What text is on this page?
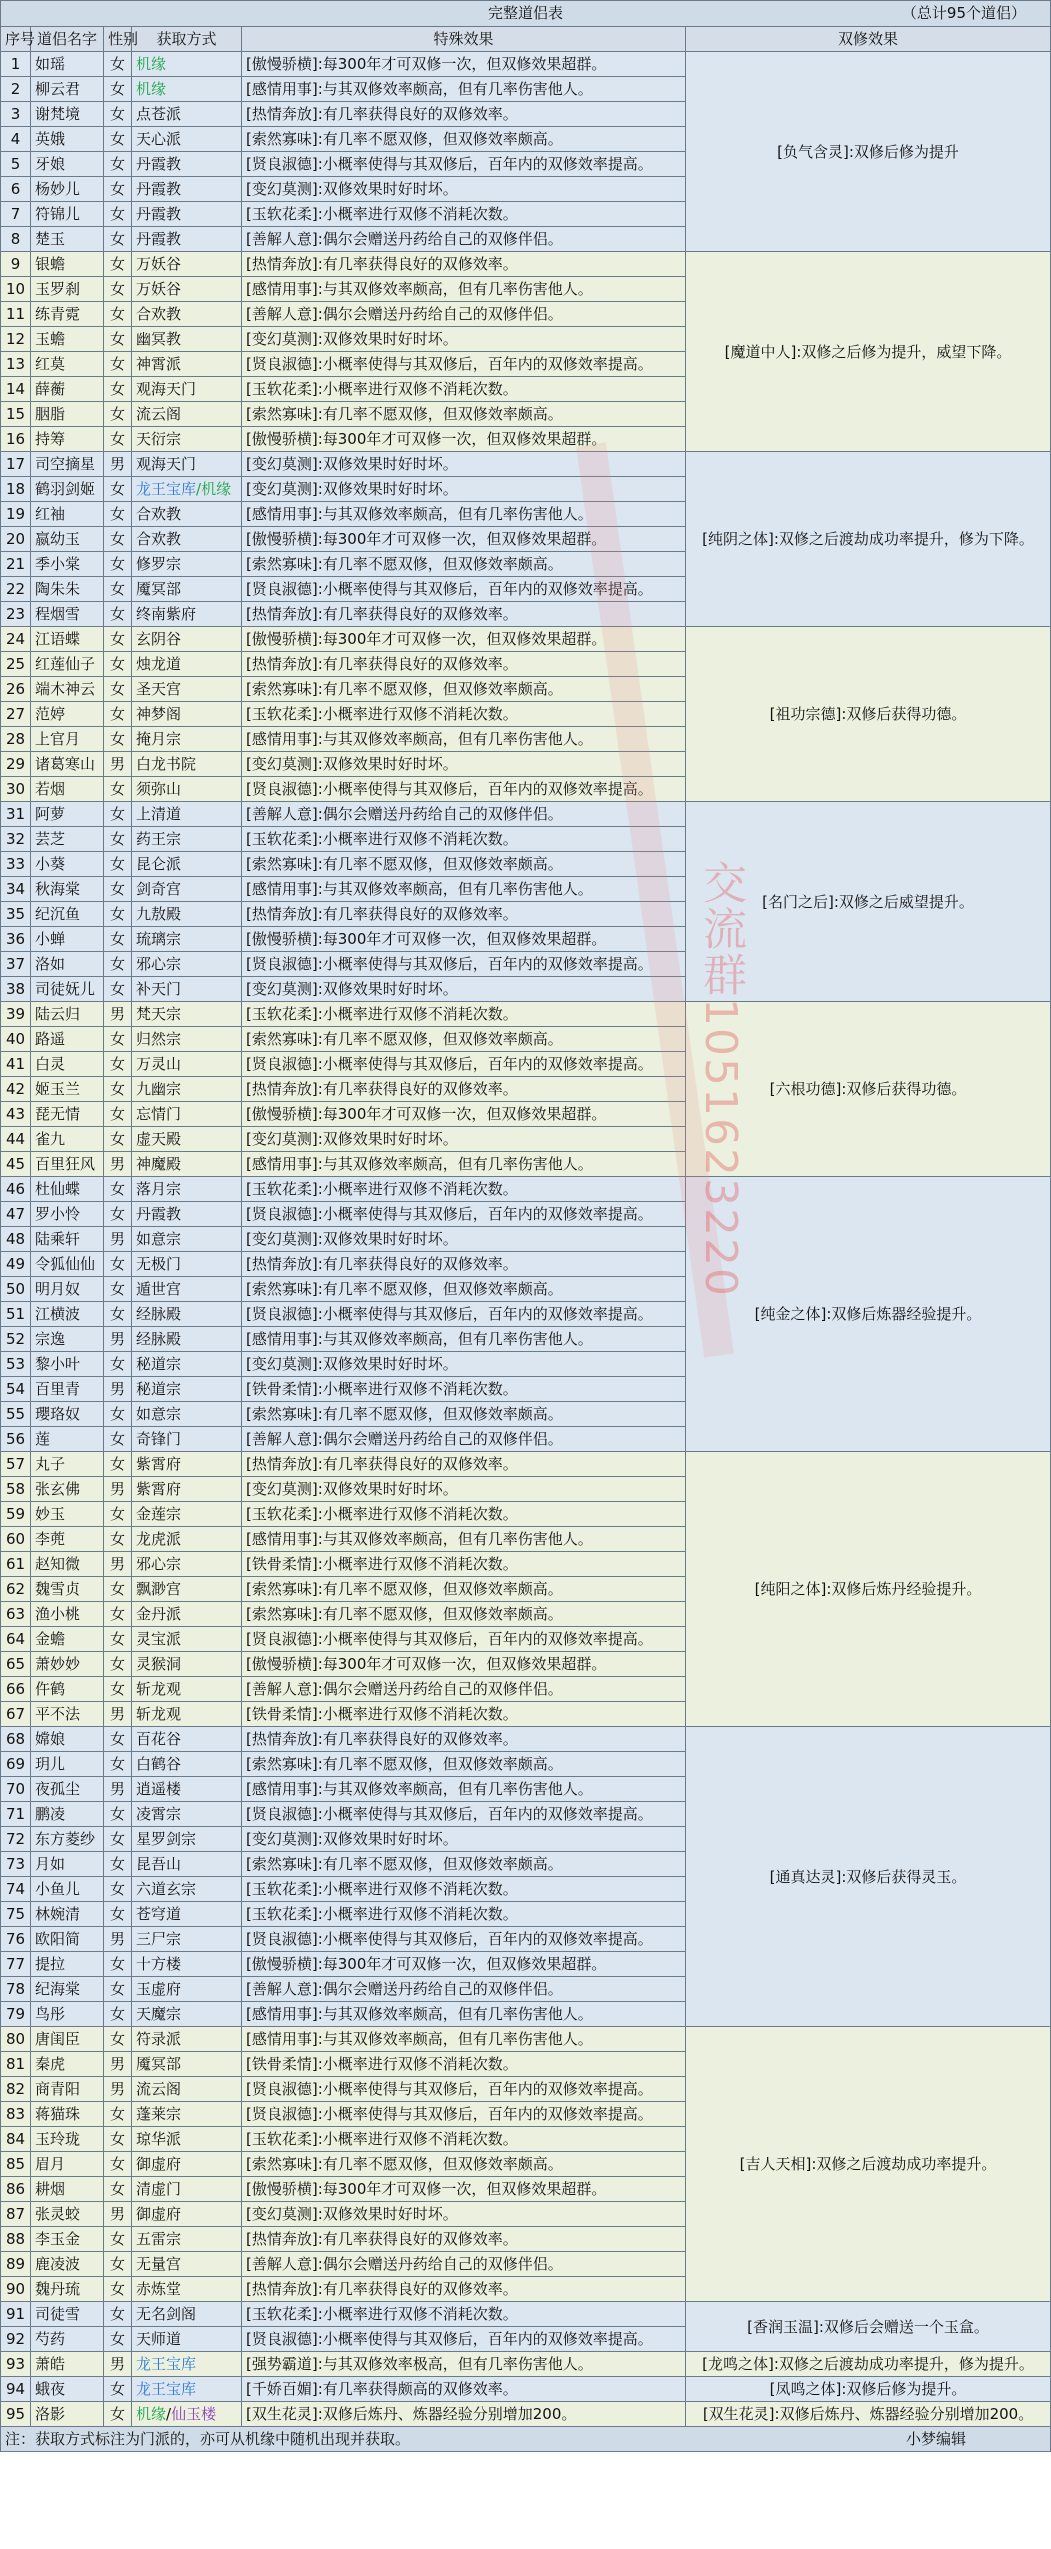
完整道侣表 （总计95个道侣）					

序号	道侣名字	性别	获取方式	特殊效果	双修效果
1	如瑶	女	机缘	[傲慢骄横]:每300年才可双修一次，但双修效果超群。	[负气含灵]:双修后修为提升
2	柳云君	女	机缘	[感情用事]:与其双修效率颇高，但有几率伤害他人。	
3	谢梵境	女	点苍派	[热情奔放]:有几率获得良好的双修效率。	
4	英娥	女	天心派	[索然寡味]:有几率不愿双修，但双修效率颇高。	
5	牙娘	女	丹霞教	[贤良淑德]:小概率使得与其双修后，百年内的双修效率提高。	
6	杨妙儿	女	丹霞教	[变幻莫测]:双修效果时好时坏。	
7	符锦儿	女	丹霞教	[玉软花柔]:小概率进行双修不消耗次数。	
8	楚玉	女	丹霞教	[善解人意]:偶尔会赠送丹药给自己的双修伴侣。	
9	银蟾	女	万妖谷	[热情奔放]:有几率获得良好的双修效率。	[魔道中人]:双修之后修为提升，威望下降。
10	玉罗刹	女	万妖谷	[感情用事]:与其双修效率颇高，但有几率伤害他人。	
11	练青霓	女	合欢教	[善解人意]:偶尔会赠送丹药给自己的双修伴侣。	
12	玉蟾	女	幽冥教	[变幻莫测]:双修效果时好时坏。	
13	红莫	女	神霄派	[贤良淑德]:小概率使得与其双修后，百年内的双修效率提高。	
14	薛蘅	女	观海天门	[玉软花柔]:小概率进行双修不消耗次数。	
15	胭脂	女	流云阁	[索然寡味]:有几率不愿双修，但双修效率颇高。	
16	持筹	女	天衍宗	[傲慢骄横]:每300年才可双修一次，但双修效果超群。	
17	司空摘星	男	观海天门	[变幻莫测]:双修效果时好时坏。	[纯阴之体]:双修之后渡劫成功率提升，修为下降。
18	鹤羽剑姬	女	龙王宝库/机缘	[变幻莫测]:双修效果时好时坏。	
19	红袖	女	合欢教	[感情用事]:与其双修效率颇高，但有几率伤害他人。	
20	嬴幼玉	女	合欢教	[傲慢骄横]:每300年才可双修一次，但双修效果超群。	
21	季小棠	女	修罗宗	[索然寡味]:有几率不愿双修，但双修效率颇高。	
22	陶朱朱	女	魇冥部	[贤良淑德]:小概率使得与其双修后，百年内的双修效率提高。	
23	程烟雪	女	终南紫府	[热情奔放]:有几率获得良好的双修效率。	
24	江语蝶	女	玄阴谷	[傲慢骄横]:每300年才可双修一次，但双修效果超群。	[祖功宗德]:双修后获得功德。
25	红莲仙子	女	烛龙道	[热情奔放]:有几率获得良好的双修效率。	
26	端木神云	女	圣天宫	[索然寡味]:有几率不愿双修，但双修效率颇高。	
27	范婷	女	神梦阁	[玉软花柔]:小概率进行双修不消耗次数。	
28	上官月	女	掩月宗	[感情用事]:与其双修效率颇高，但有几率伤害他人。	
29	诸葛寒山	男	白龙书院	[变幻莫测]:双修效果时好时坏。	
30	若烟	女	须弥山	[贤良淑德]:小概率使得与其双修后，百年内的双修效率提高。	
31	阿萝	女	上清道	[善解人意]:偶尔会赠送丹药给自己的双修伴侣。	[名门之后]:双修之后威望提升。
32	芸芝	女	药王宗	[玉软花柔]:小概率进行双修不消耗次数。	
33	小葵	女	昆仑派	[索然寡味]:有几率不愿双修，但双修效率颇高。	
34	秋海棠	女	剑奇宫	[感情用事]:与其双修效率颇高，但有几率伤害他人。	
35	纪沉鱼	女	九敖殿	[热情奔放]:有几率获得良好的双修效率。	
36	小蝉	女	琉璃宗	[傲慢骄横]:每300年才可双修一次，但双修效果超群。	
37	洛如	女	邪心宗	[贤良淑德]:小概率使得与其双修后，百年内的双修效率提高。	
38	司徒妩儿	女	补天门	[变幻莫测]:双修效果时好时坏。	
39	陆云归	男	梵天宗	[玉软花柔]:小概率进行双修不消耗次数。	[六根功德]:双修后获得功德。
40	路遥	女	归然宗	[索然寡味]:有几率不愿双修，但双修效率颇高。	
41	白灵	女	万灵山	[贤良淑德]:小概率使得与其双修后，百年内的双修效率提高。	
42	姬玉兰	女	九幽宗	[热情奔放]:有几率获得良好的双修效率。	
43	琵无情	女	忘情门	[傲慢骄横]:每300年才可双修一次，但双修效果超群。	
44	雀九	女	虚天殿	[变幻莫测]:双修效果时好时坏。	
45	百里狂风	男	神魔殿	[感情用事]:与其双修效率颇高，但有几率伤害他人。	
46	杜仙蝶	女	落月宗	[玉软花柔]:小概率进行双修不消耗次数。	[纯金之体]:双修后炼器经验提升。
47	罗小怜	女	丹霞教	[贤良淑德]:小概率使得与其双修后，百年内的双修效率提高。	
48	陆乘轩	男	如意宗	[变幻莫测]:双修效果时好时坏。	
49	令狐仙仙	女	无极门	[热情奔放]:有几率获得良好的双修效率。	
50	明月奴	女	遁世宫	[索然寡味]:有几率不愿双修，但双修效率颇高。	
51	江横波	女	经脉殿	[贤良淑德]:小概率使得与其双修后，百年内的双修效率提高。	
52	宗逸	男	经脉殿	[感情用事]:与其双修效率颇高，但有几率伤害他人。	
53	黎小叶	女	秘道宗	[变幻莫测]:双修效果时好时坏。	
54	百里青	男	秘道宗	[铁骨柔情]:小概率进行双修不消耗次数。	
55	瓔珞奴	女	如意宗	[索然寡味]:有几率不愿双修，但双修效率颇高。	
56	莲	女	奇锋门	[善解人意]:偶尔会赠送丹药给自己的双修伴侣。	
57	丸子	女	紫霄府	[热情奔放]:有几率获得良好的双修效率。	[纯阳之体]:双修后炼丹经验提升。
58	张玄佛	男	紫霄府	[变幻莫测]:双修效果时好时坏。	
59	妙玉	女	金莲宗	[玉软花柔]:小概率进行双修不消耗次数。	
60	李蔸	女	龙虎派	[感情用事]:与其双修效率颇高，但有几率伤害他人。	
61	赵知微	男	邪心宗	[铁骨柔情]:小概率进行双修不消耗次数。	
62	魏雪贞	女	飘渺宫	[索然寡味]:有几率不愿双修，但双修效率颇高。	
63	渔小桃	女	金丹派	[索然寡味]:有几率不愿双修，但双修效率颇高。	
64	金蟾	女	灵宝派	[贤良淑德]:小概率使得与其双修后，百年内的双修效率提高。	
65	萧妙妙	女	灵猴洞	[傲慢骄横]:每300年才可双修一次，但双修效果超群。	
66	仵鹤	女	斩龙观	[善解人意]:偶尔会赠送丹药给自己的双修伴侣。	
67	平不法	男	斩龙观	[铁骨柔情]:小概率进行双修不消耗次数。	
68	嫦娘	女	百花谷	[热情奔放]:有几率获得良好的双修效率。	[通真达灵]:双修后获得灵玉。
69	玥儿	女	白鹤谷	[索然寡味]:有几率不愿双修，但双修效率颇高。	
70	夜孤尘	男	逍遥楼	[感情用事]:与其双修效率颇高，但有几率伤害他人。	
71	鹏凌	女	凌霄宗	[贤良淑德]:小概率使得与其双修后，百年内的双修效率提高。	
72	东方菱纱	女	星罗剑宗	[变幻莫测]:双修效果时好时坏。	
73	月如	女	昆吾山	[索然寡味]:有几率不愿双修，但双修效率颇高。	
74	小鱼儿	女	六道玄宗	[玉软花柔]:小概率进行双修不消耗次数。	
75	林婉清	女	苍穹道	[玉软花柔]:小概率进行双修不消耗次数。	
76	欧阳简	男	三尸宗	[贤良淑德]:小概率使得与其双修后，百年内的双修效率提高。	
77	提拉	女	十方楼	[傲慢骄横]:每300年才可双修一次，但双修效果超群。	
78	纪海棠	女	玉虚府	[善解人意]:偶尔会赠送丹药给自己的双修伴侣。	
79	鸟彤	女	天魔宗	[感情用事]:与其双修效率颇高，但有几率伤害他人。	
80	唐闺臣	女	符录派	[感情用事]:与其双修效率颇高，但有几率伤害他人。	[吉人天相]:双修之后渡劫成功率提升。
81	秦虎	男	魇冥部	[铁骨柔情]:小概率进行双修不消耗次数。	
82	商青阳	男	流云阁	[贤良淑德]:小概率使得与其双修后，百年内的双修效率提高。	
83	蒋猫珠	女	蓬莱宗	[贤良淑德]:小概率使得与其双修后，百年内的双修效率提高。	
84	玉玲珑	女	琼华派	[玉软花柔]:小概率进行双修不消耗次数。	
85	眉月	女	御虚府	[索然寡味]:有几率不愿双修，但双修效率颇高。	
86	耕烟	女	清虚门	[傲慢骄横]:每300年才可双修一次，但双修效果超群。	
87	张灵蛟	男	御虚府	[变幻莫测]:双修效果时好时坏。	
88	李玉金	女	五雷宗	[热情奔放]:有几率获得良好的双修效率。	
89	鹿凌波	女	无量宫	[善解人意]:偶尔会赠送丹药给自己的双修伴侣。	
90	魏丹琉	女	赤炼堂	[热情奔放]:有几率获得良好的双修效率。	
91	司徒雪	女	无名剑阁	[玉软花柔]:小概率进行双修不消耗次数。	[香润玉温]:双修后会赠送一个玉盒。
92	芍药	女	天师道	[贤良淑德]:小概率使得与其双修后，百年内的双修效率提高。	
93	萧皓	男	龙王宝库	[强势霸道]:与其双修效率极高，但有几率伤害他人。	[龙鸣之体]:双修之后渡劫成功率提升，修为提升。
94	蛾夜	女	龙王宝库	[千娇百媚]:有几率获得颇高的双修效率。	[凤鸣之体]:双修后修为提升。
95	洛影	女	机缘/仙玉楼	[双生花灵]:双修后炼丹、炼器经验分别增加200。	[双生花灵]:双修后炼丹、炼器经验分别增加200。

注：获取方式标注为门派的，亦可从机缘中随机出现并获取。 小梦编辑					
交流群1051623220
